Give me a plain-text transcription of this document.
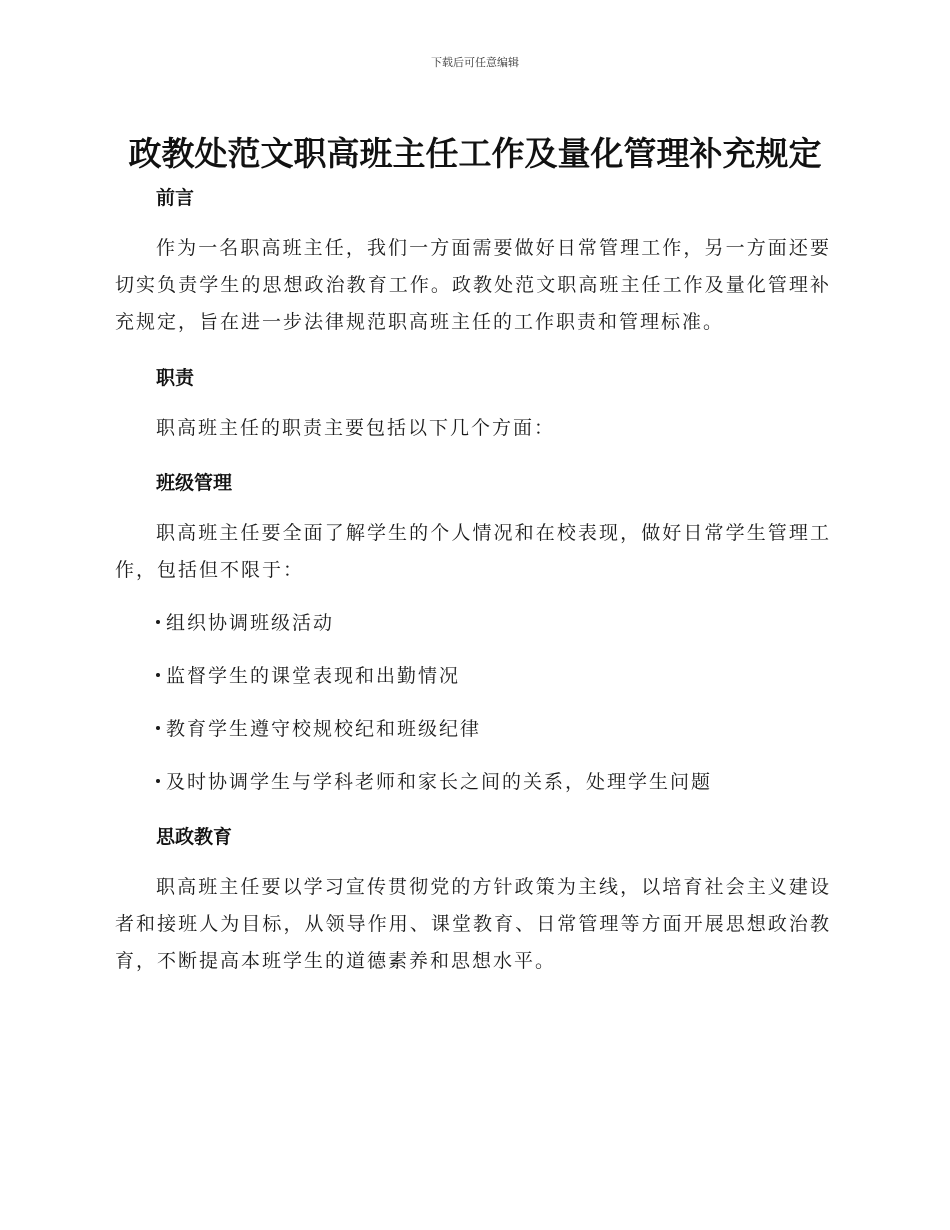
下载后可任意编辑
政教处范文职高班主任工作及量化管理补充规定
前言

作为一名职高班主任，我们一方面需要做好日常管理工作，另一方面还要切实负责学生的思想政治教育工作。政教处范文职高班主任工作及量化管理补充规定，旨在进一步法律规范职高班主任的工作职责和管理标准。

职责

职高班主任的职责主要包括以下几个方面：

班级管理

职高班主任要全面了解学生的个人情况和在校表现，做好日常学生管理工作，包括但不限于：

组织协调班级活动
监督学生的课堂表现和出勤情况
教育学生遵守校规校纪和班级纪律
及时协调学生与学科老师和家长之间的关系，处理学生问题
思政教育

职高班主任要以学习宣传贯彻党的方针政策为主线，以培育社会主义建设者和接班人为目标，从领导作用、课堂教育、日常管理等方面开展思想政治教育，不断提高本班学生的道德素养和思想水平。
